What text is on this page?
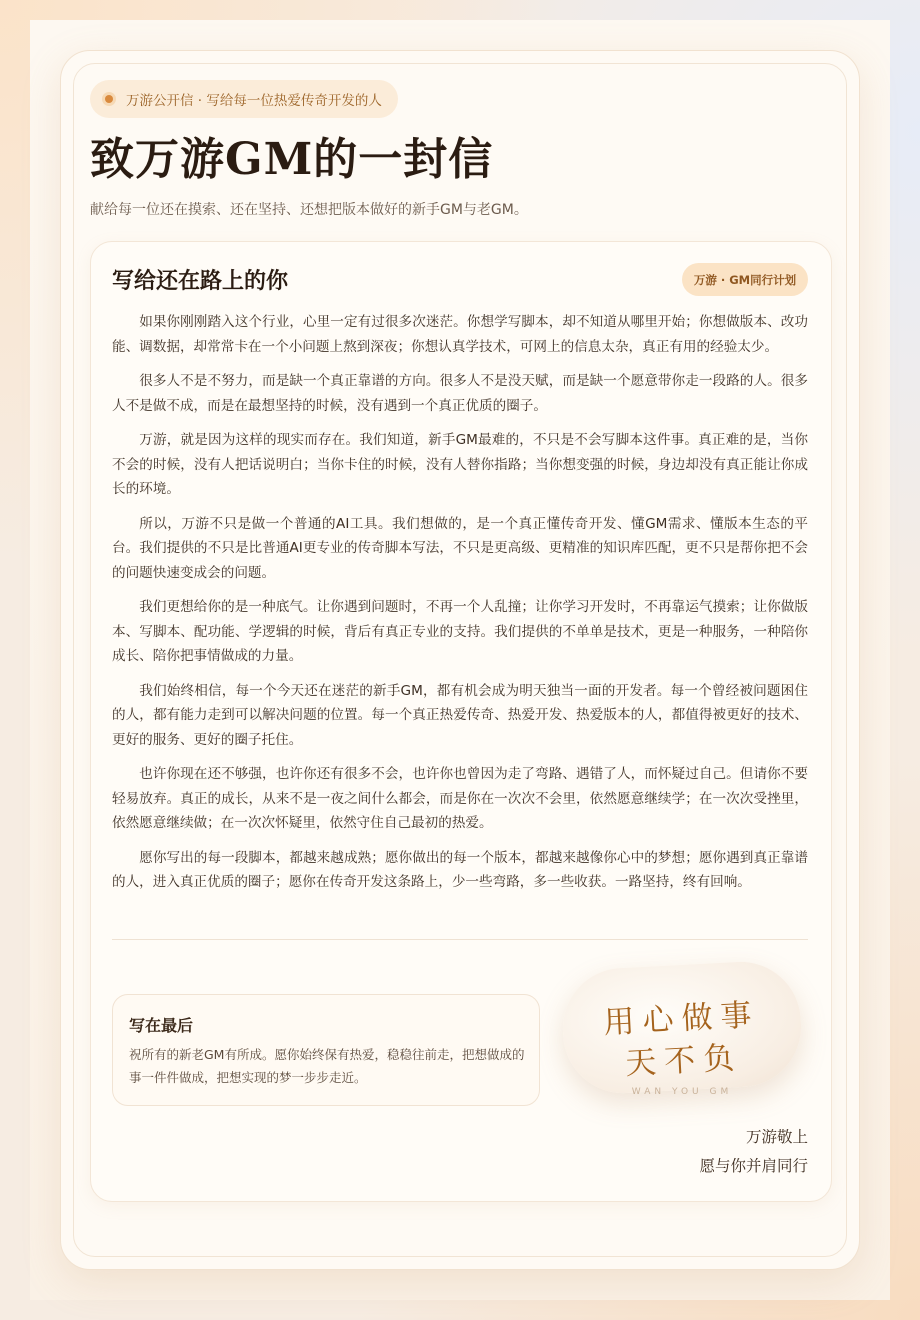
万游公开信 · 写给每一位热爱传奇开发的人
致万游GM的一封信
献给每一位还在摸索、还在坚持、还想把版本做好的新手GM与老GM。
写给还在路上的你	万游 · GM同行计划

如果你刚刚踏入这个行业，心里一定有过很多次迷茫。你想学写脚本，却不知道从哪里开始；你想做版本、改功能、调数据，却常常卡在一个小问题上熬到深夜；你想认真学技术，可网上的信息太杂，真正有用的经验太少。

很多人不是不努力，而是缺一个真正靠谱的方向。很多人不是没天赋，而是缺一个愿意带你走一段路的人。很多人不是做不成，而是在最想坚持的时候，没有遇到一个真正优质的圈子。

万游，就是因为这样的现实而存在。我们知道，新手GM最难的，不只是不会写脚本这件事。真正难的是，当你不会的时候，没有人把话说明白；当你卡住的时候，没有人替你指路；当你想变强的时候，身边却没有真正能让你成长的环境。

所以，万游不只是做一个普通的AI工具。我们想做的，是一个真正懂传奇开发、懂GM需求、懂版本生态的平台。我们提供的不只是比普通AI更专业的传奇脚本写法，不只是更高级、更精准的知识库匹配，更不只是帮你把不会的问题快速变成会的问题。

我们更想给你的是一种底气。让你遇到问题时，不再一个人乱撞；让你学习开发时，不再靠运气摸索；让你做版本、写脚本、配功能、学逻辑的时候，背后有真正专业的支持。我们提供的不单单是技术，更是一种服务，一种陪你成长、陪你把事情做成的力量。

我们始终相信，每一个今天还在迷茫的新手GM，都有机会成为明天独当一面的开发者。每一个曾经被问题困住的人，都有能力走到可以解决问题的位置。每一个真正热爱传奇、热爱开发、热爱版本的人，都值得被更好的技术、更好的服务、更好的圈子托住。

也许你现在还不够强，也许你还有很多不会，也许你也曾因为走了弯路、遇错了人，而怀疑过自己。但请你不要轻易放弃。真正的成长，从来不是一夜之间什么都会，而是你在一次次不会里，依然愿意继续学；在一次次受挫里，依然愿意继续做；在一次次怀疑里，依然守住自己最初的热爱。

愿你写出的每一段脚本，都越来越成熟；愿你做出的每一个版本，都越来越像你心中的梦想；愿你遇到真正靠谱的人，进入真正优质的圈子；愿你在传奇开发这条路上，少一些弯路，多一些收获。一路坚持，终有回响。

写在最后
祝所有的新老GM有所成。愿你始终保有热爱，稳稳往前走，把想做成的事一件件做成，把想实现的梦一步步走近。
用心做事
天不负
WAN YOU GM
万游敬上
愿与你并肩同行
